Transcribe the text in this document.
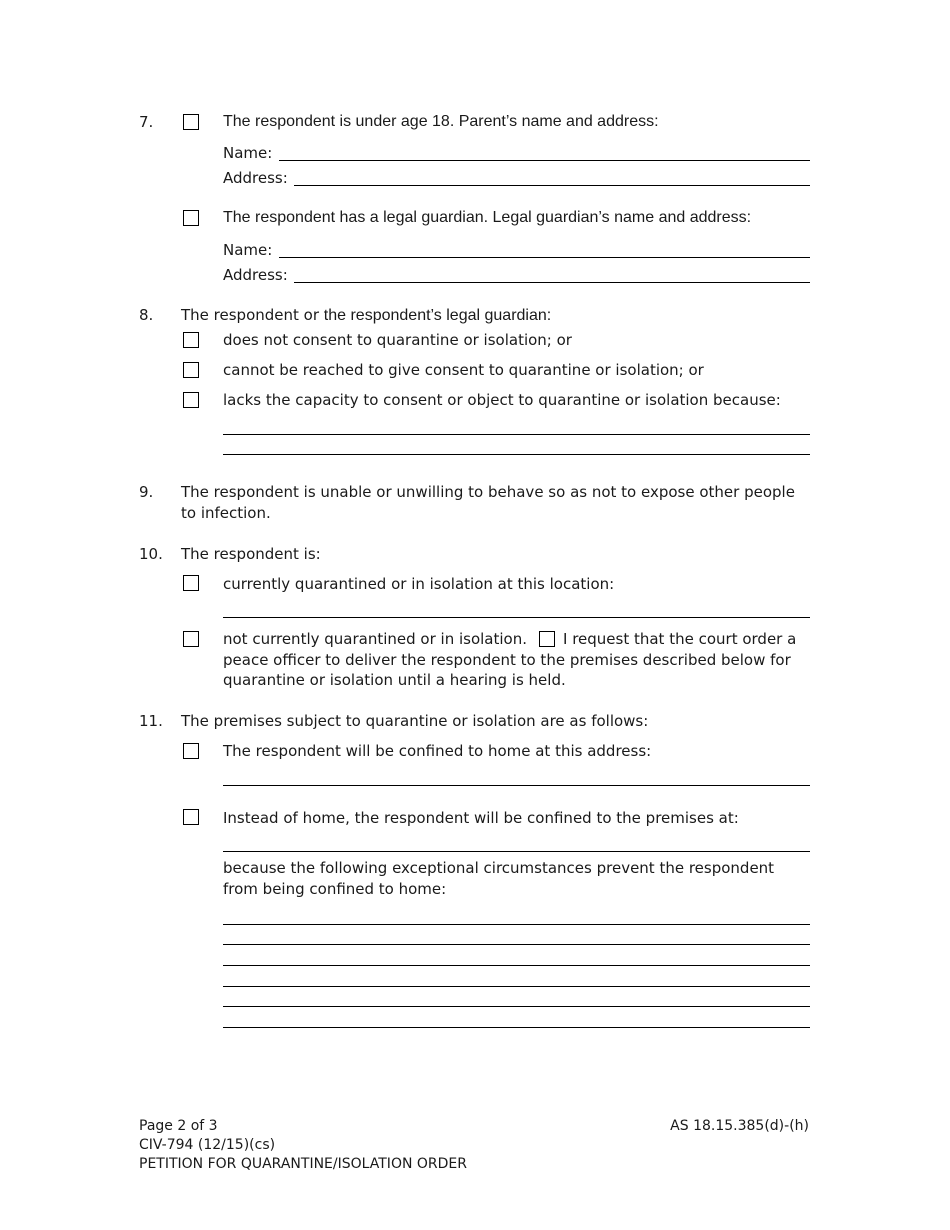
7.	The respondent is under age 18. Parent’s name and address:
Name:
Address:
The respondent has a legal guardian. Legal guardian’s name and address:
Name:
Address:
8. The respondent or the respondent’s legal guardian:
does not consent to quarantine or isolation; or
cannot be reached to give consent to quarantine or isolation; or
lacks the capacity to consent or object to quarantine or isolation because:
9. The respondent is unable or unwilling to behave so as not to expose other people
to infection.
10. The respondent is:
currently quarantined or in isolation at this location:
not currently quarantined or in isolation. I request that the court order a
peace officer to deliver the respondent to the premises described below for
quarantine or isolation until a hearing is held.
11. The premises subject to quarantine or isolation are as follows:
The respondent will be confined to home at this address:
Instead of home, the respondent will be confined to the premises at:
because the following exceptional circumstances prevent the respondent
from being confined to home:
Page 2 of 3
CIV-794 (12/15)(cs)
PETITION FOR QUARANTINE/ISOLATION ORDER
AS 18.15.385(d)-(h)
